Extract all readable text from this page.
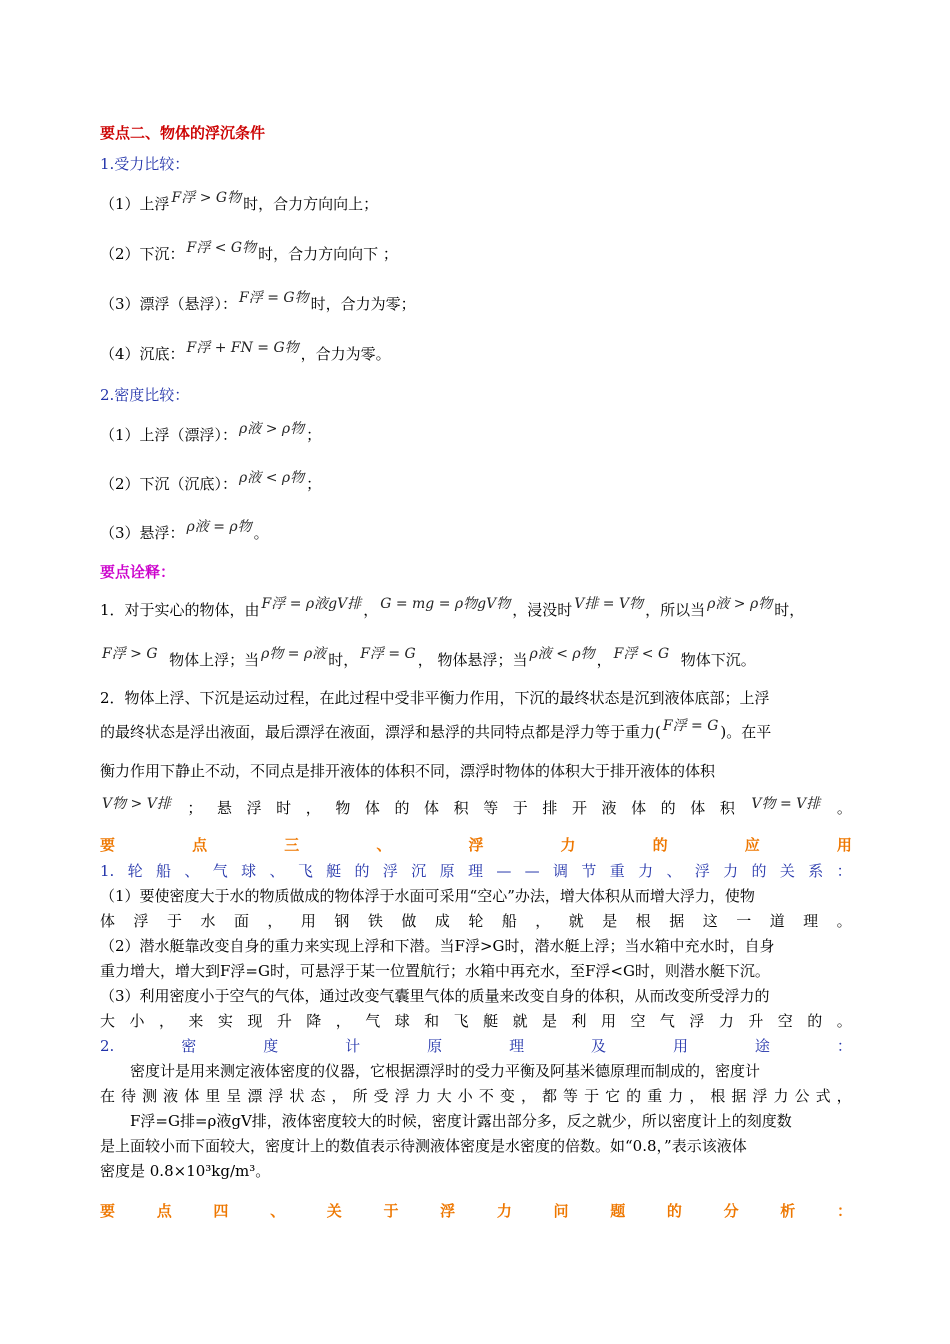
要点二、物体的浮沉条件
1.受力比较：
（1）上浮 F浮 > G物 时，合力方向向上；
（2）下沉： F浮 < G物 时，合力方向向下 ；
（3）漂浮（悬浮）： F浮 = G物 时，合力为零；
（4）沉底： F浮 + FN = G物 ，合力为零。
2.密度比较：
（1）上浮（漂浮）： ρ液 > ρ物 ；
（2）下沉（沉底）： ρ液 < ρ物 ；
（3）悬浮： ρ液 = ρ物 。
要点诠释：
1．对于实心的物体，由 F浮 = ρ液gV排 ， G = mg = ρ物gV物 ，浸没时 V排 = V物 ，所以当 ρ液 > ρ物 时，
F浮 > G 物体上浮；当 ρ物 = ρ液 时， F浮 = G ， 物体悬浮；当 ρ液 < ρ物 ， F浮 < G 物体下沉。
2．物体上浮、下沉是运动过程，在此过程中受非平衡力作用，下沉的最终状态是沉到液体底部；上浮
的最终状态是浮出液面，最后漂浮在液面，漂浮和悬浮的共同特点都是浮力等于重力( F浮 = G )。在平
衡力作用下静止不动，不同点是排开液体的体积不同，漂浮时物体的体积大于排开液体的体积
V物 > V排 ； 悬 浮 时 ， 物 体 的 体 积 等 于 排 开 液 体 的 体 积 V物 = V排 。
要	点	三	、	浮	力	的	应	用
1. 轮 船 、 气 球 、 飞 艇 的 浮 沉 原 理 — — 调 节 重 力 、 浮 力 的 关 系 ：
（1）要使密度大于水的物质做成的物体浮于水面可采用“空心”办法，增大体积从而增大浮力，使物
体 浮 于 水 面 ， 用 钢 铁 做 成 轮 船 ， 就 是 根 据 这 一 道 理 。
（2）潜水艇靠改变自身的重力来实现上浮和下潜。当F浮>G时，潜水艇上浮；当水箱中充水时，自身
重力增大，增大到F浮=G时，可悬浮于某一位置航行；水箱中再充水，至F浮<G时，则潜水艇下沉。
（3）利用密度小于空气的气体，通过改变气囊里气体的质量来改变自身的体积，从而改变所受浮力的
大 小 ， 来 实 现 升 降 ， 气 球 和 飞 艇 就 是 利 用 空 气 浮 力 升 空 的 。
2.	密	度	计	原	理	及	用	途	：
密度计是用来测定液体密度的仪器，它根据漂浮时的受力平衡及阿基米德原理而制成的，密度计
在 待 测 液 体 里 呈 漂 浮 状 态 ， 所 受 浮 力 大 小 不 变 ， 都 等 于 它 的 重 力 ， 根 据 浮 力 公 式 ，
F浮=G排=ρ液gV排，液体密度较大的时候，密度计露出部分多，反之就少，所以密度计上的刻度数
是上面较小而下面较大，密度计上的数值表示待测液体密度是水密度的倍数。如“0.8，”表示该液体
密度是 0.8×10³kg/m³。
要	点	四	、	关	于	浮	力	问	题	的	分	析	：
